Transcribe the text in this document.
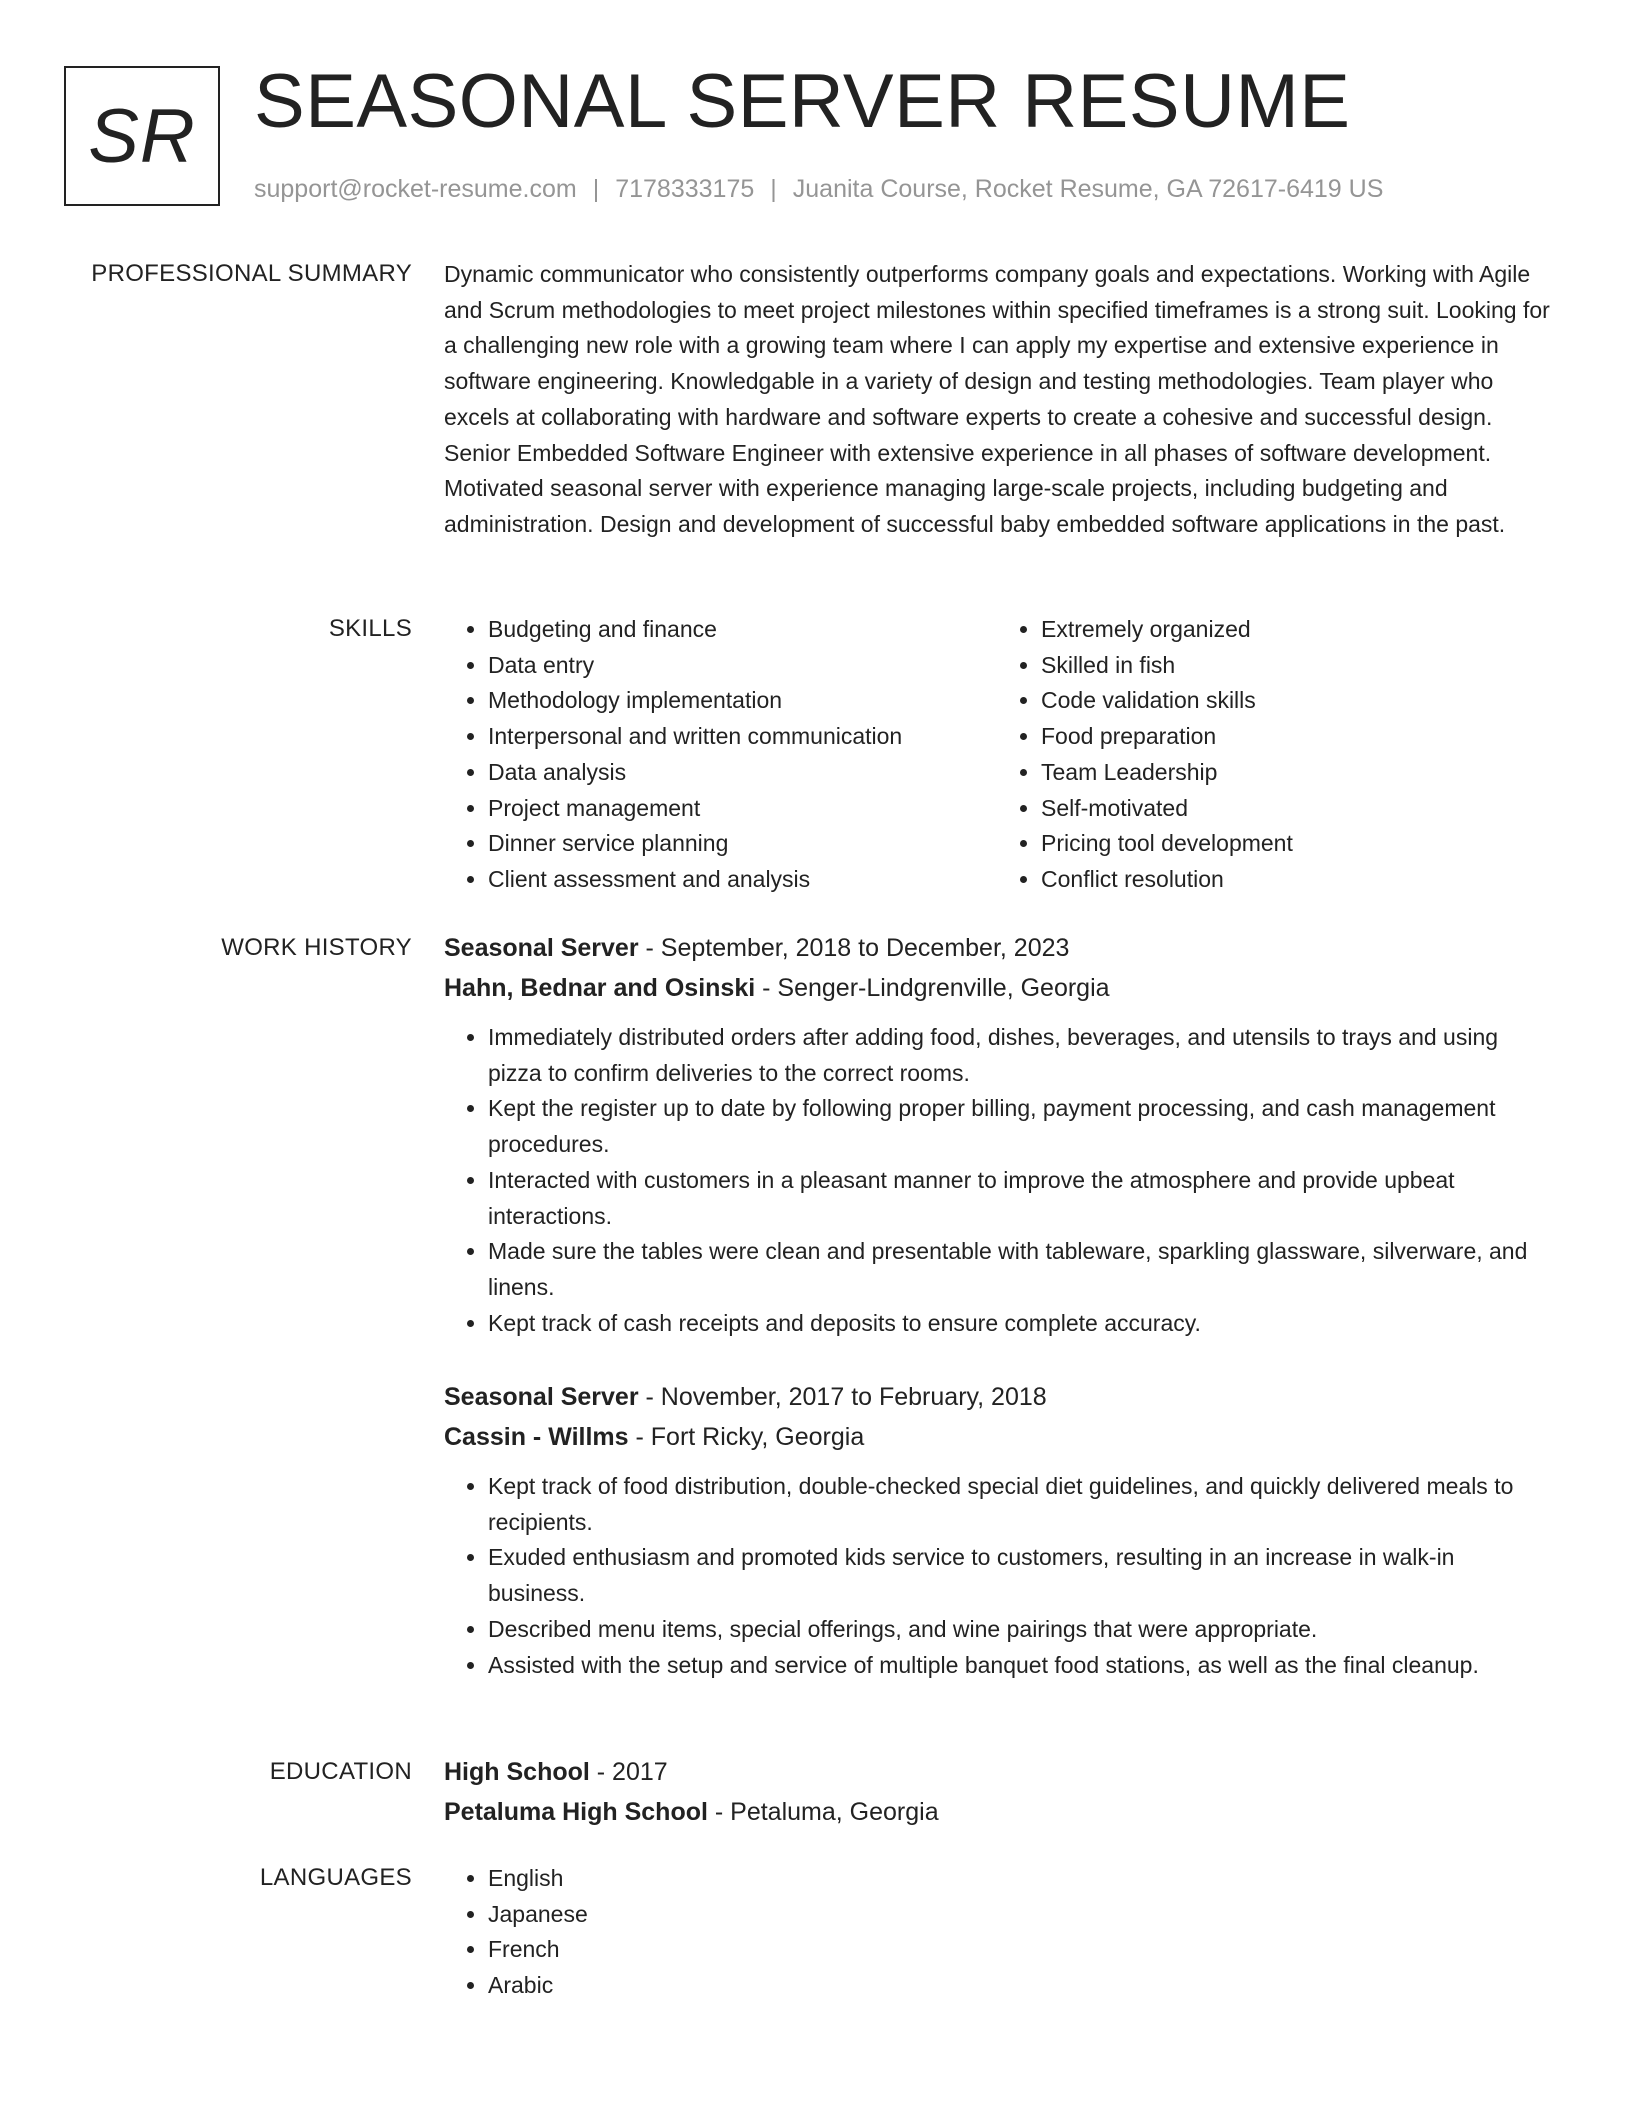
SR SEASONAL SERVER RESUME
support@rocket-resume.com | 7178333175 | Juanita Course, Rocket Resume, GA 72617-6419 US
PROFESSIONAL SUMMARY Dynamic communicator who consistently outperforms company goals and expectations. Working with Agile and Scrum methodologies to meet project milestones within specified timeframes is a strong suit. Looking for a challenging new role with a growing team where I can apply my expertise and extensive experience in software engineering. Knowledgable in a variety of design and testing methodologies. Team player who excels at collaborating with hardware and software experts to create a cohesive and successful design. Senior Embedded Software Engineer with extensive experience in all phases of software development. Motivated seasonal server with experience managing large-scale projects, including budgeting and administration. Design and development of successful baby embedded software applications in the past.

SKILLS	• Budgeting and finance
• Data entry
• Methodology implementation
• Interpersonal and written communication
• Data analysis
• Project management
• Dinner service planning
• Client assessment and analysis
• Extremely organized
• Skilled in fish
• Code validation skills
• Food preparation
• Team Leadership
• Self-motivated
• Pricing tool development
• Conflict resolution
WORK HISTORY Seasonal Server - September, 2018 to December, 2023
Hahn, Bednar and Osinski - Senger-Lindgrenville, Georgia
• Immediately distributed orders after adding food, dishes, beverages, and utensils to trays and using pizza to confirm deliveries to the correct rooms.
• Kept the register up to date by following proper billing, payment processing, and cash management procedures.
• Interacted with customers in a pleasant manner to improve the atmosphere and provide upbeat interactions.
• Made sure the tables were clean and presentable with tableware, sparkling glassware, silverware, and linens.
• Kept track of cash receipts and deposits to ensure complete accuracy.
Seasonal Server - November, 2017 to February, 2018
Cassin - Willms - Fort Ricky, Georgia
• Kept track of food distribution, double-checked special diet guidelines, and quickly delivered meals to recipients.
• Exuded enthusiasm and promoted kids service to customers, resulting in an increase in walk-in business.
• Described menu items, special offerings, and wine pairings that were appropriate.
• Assisted with the setup and service of multiple banquet food stations, as well as the final cleanup.
EDUCATION High School - 2017
Petaluma High School - Petaluma, Georgia
LANGUAGES	• English
• Japanese
• French
• Arabic
